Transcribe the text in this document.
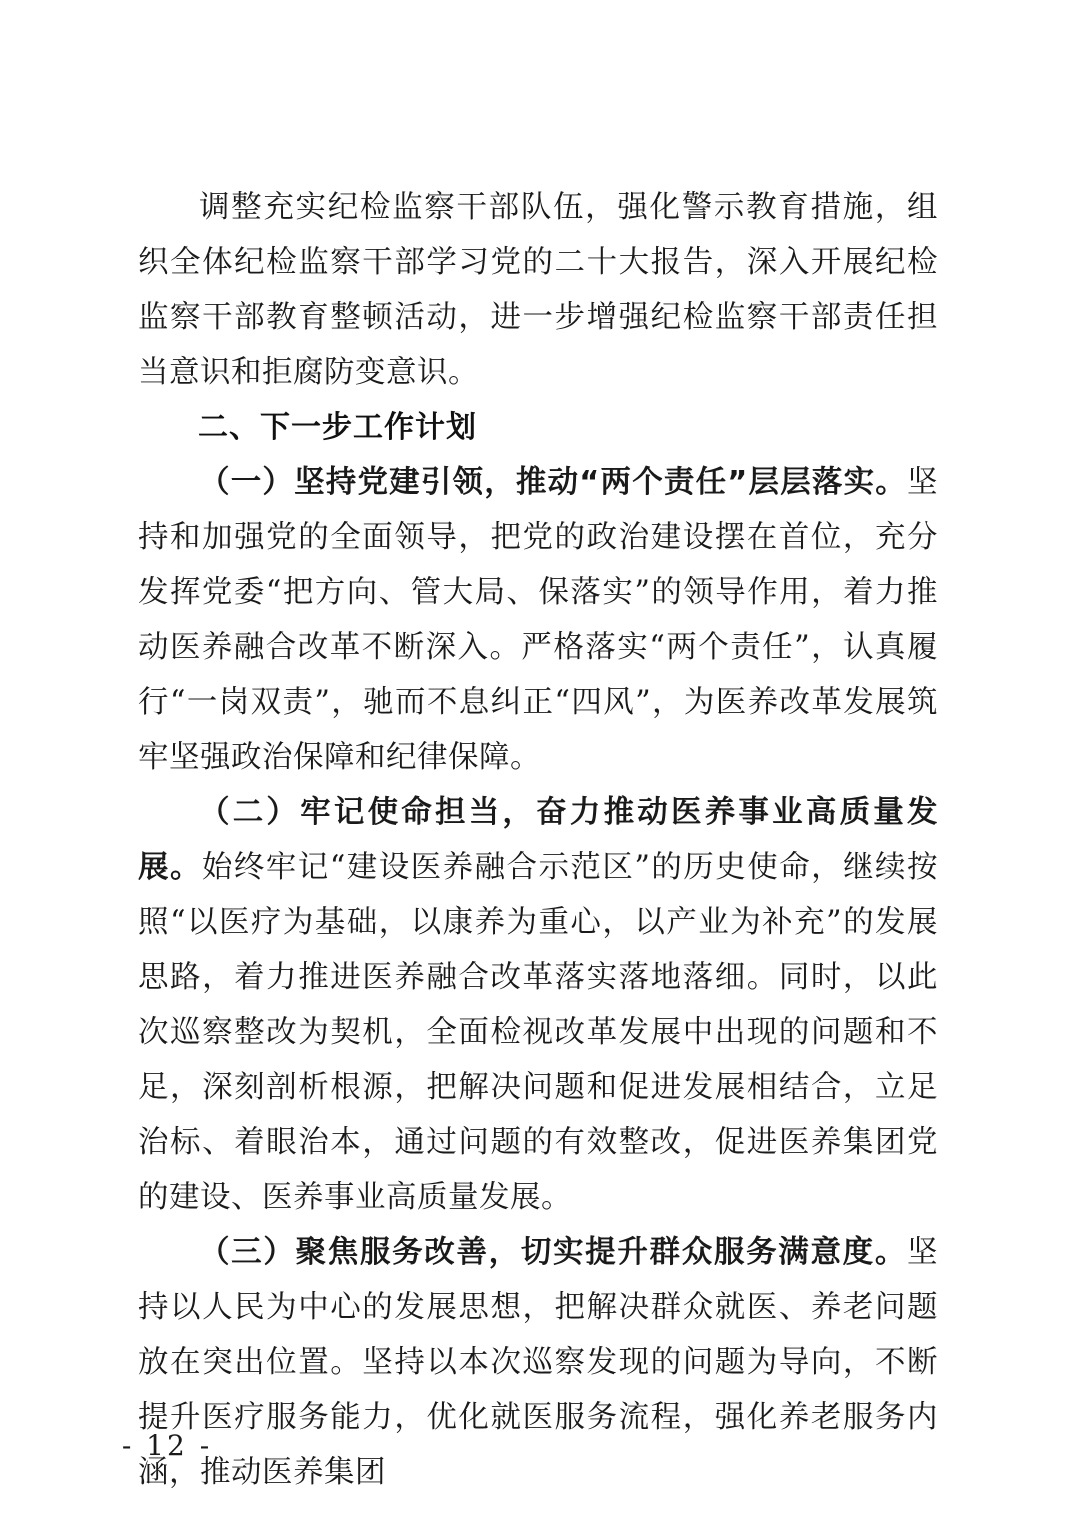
调整充实纪检监察干部队伍，强化警示教育措施，组织全体纪检监察干部学习党的二十大报告，深入开展纪检监察干部教育整顿活动，进一步增强纪检监察干部责任担当意识和拒腐防变意识。

二、下一步工作计划

（一）坚持党建引领，推动“两个责任”层层落实。坚持和加强党的全面领导，把党的政治建设摆在首位，充分发挥党委“把方向、管大局、保落实”的领导作用，着力推动医养融合改革不断深入。严格落实“两个责任”，认真履行“一岗双责”，驰而不息纠正“四风”，为医养改革发展筑牢坚强政治保障和纪律保障。

（二）牢记使命担当，奋力推动医养事业高质量发展。始终牢记“建设医养融合示范区”的历史使命，继续按照“以医疗为基础，以康养为重心，以产业为补充”的发展思路，着力推进医养融合改革落实落地落细。同时，以此次巡察整改为契机，全面检视改革发展中出现的问题和不足，深刻剖析根源，把解决问题和促进发展相结合，立足治标、着眼治本，通过问题的有效整改，促进医养集团党的建设、医养事业高质量发展。

（三）聚焦服务改善，切实提升群众服务满意度。坚持以人民为中心的发展思想，把解决群众就医、养老问题放在突出位置。坚持以本次巡察发现的问题为导向，不断提升医疗服务能力，优化就医服务流程，强化养老服务内涵，推动医养集团

- 12 -
